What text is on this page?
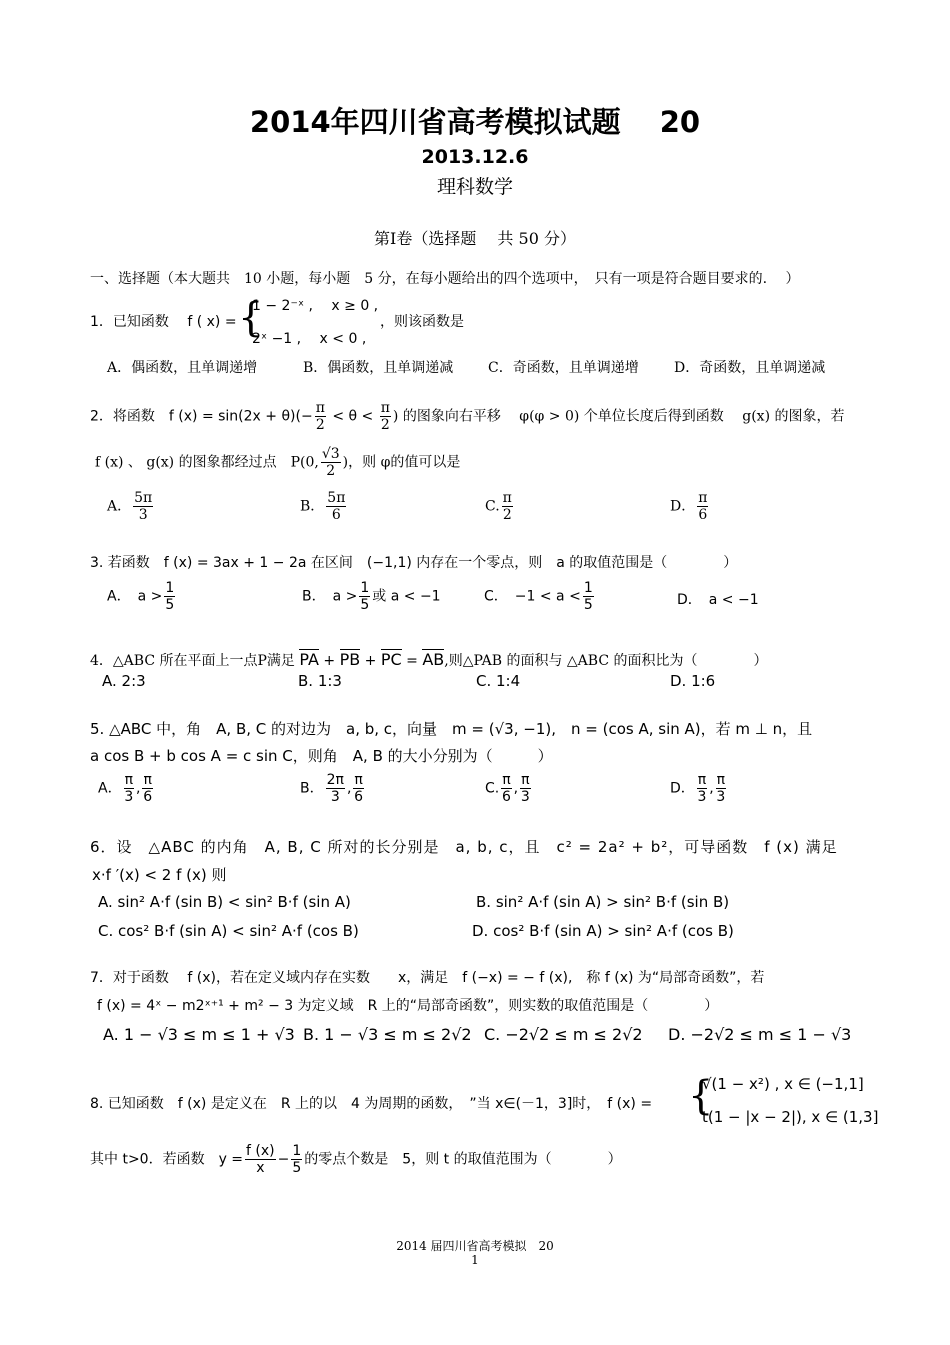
2014年四川省高考模拟试题　 20
2013.12.6
理科数学
第Ⅰ卷（选择题　 共 50 分）
一、选择题（本大题共　10 小题，每小题　5 分，在每小题给出的四个选项中，　只有一项是符合题目要求的.　 ）
1．已知函数　 f ( x) = {
1 − 2⁻ˣ ,　 x ≥ 0 ,
2ˣ −1 ,　 x < 0 ,
，则该函数是
A．偶函数，且单调递增	B．偶函数，且单调递减 C．奇函数，且单调递增	D．奇函数，且单调递减
2．将函数　f $(x) = \sin(2x + \theta)(- \frac{\pi}{2} < \theta < \frac{\pi}{2}$ ) 的图象向右平移　 φ(φ > 0) 个单位长度后得到函数　 g(x) 的图象，若
f (x) 、 g(x) 的图象都经过点　P(0, $\frac{√3}{2}$ )，则 φ的值可以是
A． $\frac{5\pi}{3}$	B． $\frac{5\pi}{6}$	C. $\frac{\pi}{2}$	D． $\frac{\pi}{6}$
3. 若函数　f (x) = 3ax + 1 − 2a 在区间　(−1,1) 内存在一个零点，则　a 的取值范围是（　　　　）
A．　$a > \frac{1}{5}$	B．　$a > \frac{1}{5}$ 或 a < −1	C．　$-1 < a < \frac{1}{5}$	D．　a < −1
4．△ABC 所在平面上一点P满足 PA + PB + PC = AB,则△PAB 的面积与 △ABC 的面积比为（　　　　）
A. 2:3	B. 1:3	C. 1:4	D. 1:6
5. △ABC 中，角　A, B, C 的对边为　a, b, c，向量　m = (√3, −1),　n = (cos A, sin A)，若 m ⊥ n，且
a cos B + b cos A = c sin C，则角　A, B 的大小分别为（　　　）
A． $\frac{\pi}{3}$ , $\frac{\pi}{6}$	B． $\frac{2\pi}{3}$ , $\frac{\pi}{6}$	C. $\frac{\pi}{6}$ , $\frac{\pi}{3}$	D． $\frac{\pi}{3}$ , $\frac{\pi}{3}$
6．设　△ABC 的内角　A, B, C 所对的长分别是　a, b, c，且　c² = 2a² + b²，可导函数　f (x) 满足
x·f ′(x) < 2 f (x) 则
A. sin² A·f (sin B) < sin² B·f (sin A)	B. sin² A·f (sin A) > sin² B·f (sin B)
C. cos² B·f (sin A) < sin² A·f (cos B)	D. cos² B·f (sin A) > sin² A·f (cos B)
7．对于函数　 f (x)，若在定义域内存在实数　　x，满足　f (−x) = − f (x),　称 f (x) 为“局部奇函数”，若
f (x) = 4ˣ − m2ˣ⁺¹ + m² − 3 为定义域　R 上的“局部奇函数”，则实数的取值范围是（　　　　）
A. 1 − √3 ≤ m ≤ 1 + √3 B. 1 − √3 ≤ m ≤ 2√2 C. −2√2 ≤ m ≤ 2√2 D. −2√2 ≤ m ≤ 1 − √3
8. 已知函数　f (x) 是定义在　R 上的以　4 为周期的函数，　”当 x∈(－1，3]时，　f (x) = {
√(1 − x²) , x ∈ (−1,1]
t(1 − |x − 2|), x ∈ (1,3]
其中 t>0．若函数　$y = \frac{f (x)}{x} - \frac{1}{5}$ 的零点个数是　5，则 t 的取值范围为（　　　　）
2014 届四川省高考模拟　20
1
